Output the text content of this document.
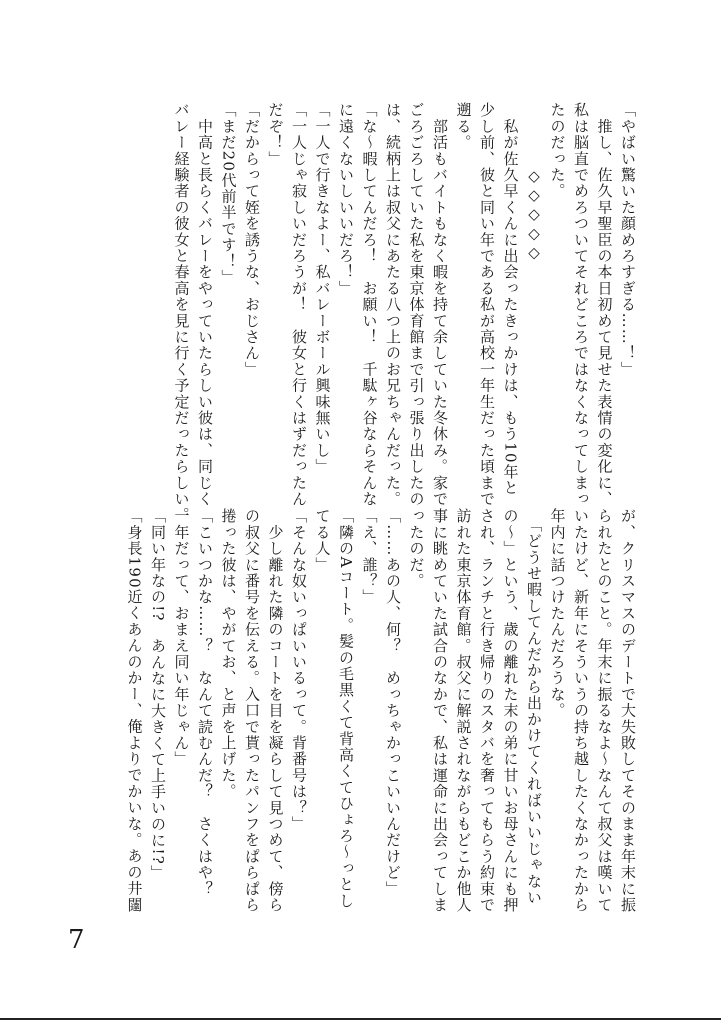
「やばい驚いた顔めろすぎる……！」
　推し、佐久早聖臣の本日初めて見せた表情の変化に、
私は脳直でめろついてそれどころではなくなってしまっ
たのだった。
　　　　◇◇◇◇◇
　私が佐久早くんに出会ったきっかけは、もう10年と
少し前、彼と同い年である私が高校一年生だった頃まで
遡る。
　部活もバイトもなく暇を持て余していた冬休み。家で
ごろごろしていた私を東京体育館まで引っ張り出したの
は、続柄上は叔父にあたる八つ上のお兄ちゃんだった。
「な～暇してんだろ！　お願い！　千駄ヶ谷ならそんな
に遠くないしいいだろ！」
「一人で行きなよー、私バレーボール興味無いし」
「一人じゃ寂しいだろうが！　彼女と行くはずだったん
だぞ！」
「だからって姪を誘うな、おじさん」
「まだ20代前半です！」
　中高と長らくバレーをやっていたらしい彼は、同じく
バレー経験者の彼女と春高を見に行く予定だったらしい。
が、クリスマスのデートで大失敗してそのまま年末に振
られたとのこと。年末に振るなよ～なんて叔父は嘆いて
いたけど、新年にそういうの持ち越したくなかったから
年内に話つけたんだろうな。
　「どうせ暇してんだから出かけてくればいいじゃない
の～」という、歳の離れた末の弟に甘いお母さんにも押
され、ランチと行き帰りのスタバを奢ってもらう約束で
訪れた東京体育館。叔父に解説されながらもどこか他人
事に眺めていた試合のなかで、私は運命に出会ってしま
ったのだ。
「……あの人、何？　めっちゃかっこいいんだけど」
「え、誰？」
「隣のAコート。髪の毛黒くて背高くてひょろ～っとし
てる人」
「そんな奴いっぱいいるって。背番号は？」
　少し離れた隣のコートを目を凝らして見つめて、傍ら
の叔父に番号を伝える。入口で貰ったパンフをぱらぱら
捲った彼は、やがてお、と声を上げた。
「こいつかな……？　なんて読むんだ？　さくはや？
一年だって、おまえ同い年じゃん」
「同い年なの!?　あんなに大きくて上手いのに!?」
「身長190近くあんのかー、俺よりでかいな。あの井闥
7
